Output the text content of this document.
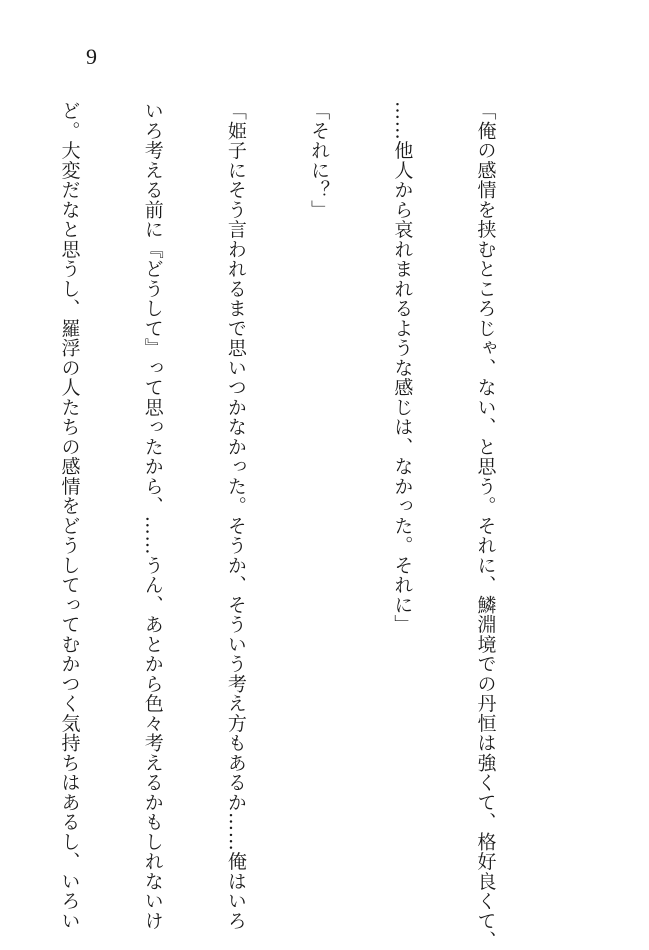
9

「俺の感情を挟むところじゃ、ない、と思う。それに、鱗淵境での丹恒は強くて、格好良くて、

……他人から哀れまれるような感じは、なかった。それに」

「それに？」

「姫子にそう言われるまで思いつかなかった。そうか、そういう考え方もあるか……俺はいろ

いろ考える前に『どうして』って思ったから、……うん、あとから色々考えるかもしれないけ

ど。大変だなと思うし、羅浮の人たちの感情をどうしてってむかつく気持ちはあるし、いろい
